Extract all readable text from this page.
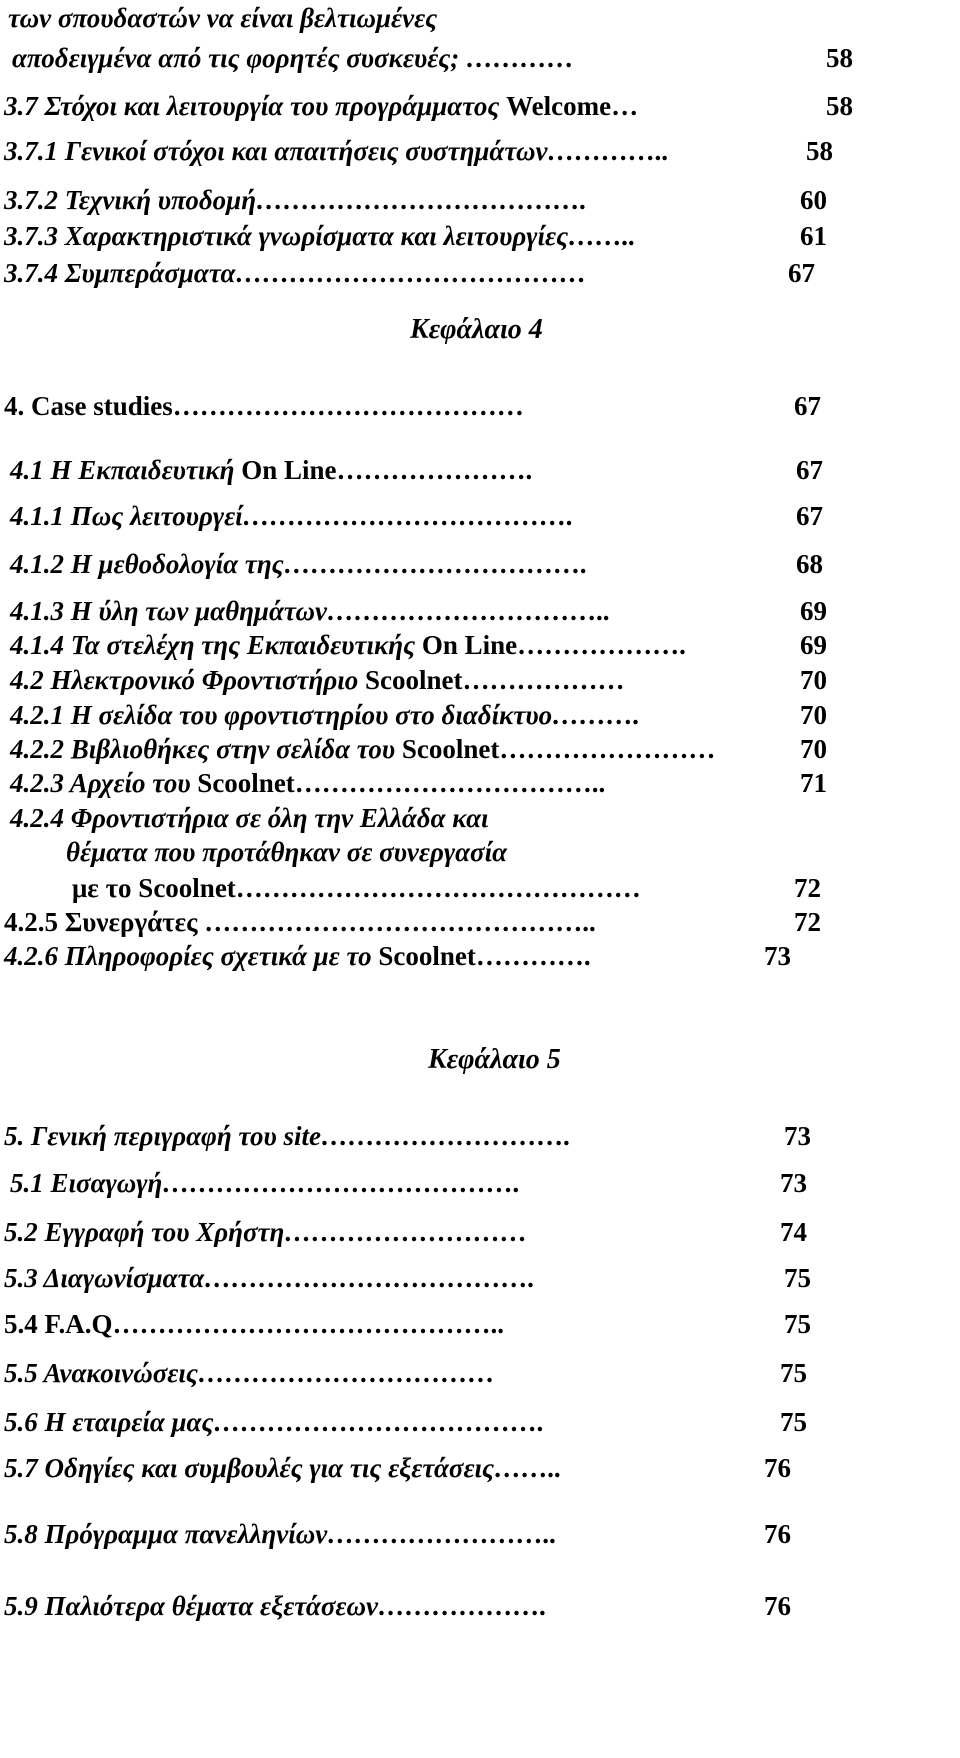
των σπουδαστών να είναι βελτιωμένες
αποδειγμένα από τις φορητές συσκευές; …………	58
3.7 Στόχοι και λειτουργία του προγράμματος Welcome…	58
3.7.1 Γενικοί στόχοι και απαιτήσεις συστημάτων…………..	58
3.7.2 Τεχνική υποδομή……………………………….	60
3.7.3 Χαρακτηριστικά γνωρίσματα και λειτουργίες……..	61
3.7.4 Συμπεράσματα…………………………………	67
Κεφάλαιο 4
4. Case studies…………………………………	67
4.1 Η Εκπαιδευτική On Line………………….	67
4.1.1 Πως λειτουργεί……………………………….	67
4.1.2 Η μεθοδολογία της…………………………….	68
4.1.3 Η ύλη των μαθημάτων…………………………..	69
4.1.4 Τα στελέχη της Εκπαιδευτικής On Line……………….	69
4.2 Ηλεκτρονικό Φροντιστήριο Scoolnet………………	70
4.2.1 Η σελίδα του φροντιστηρίου στο διαδίκτυο……….	70
4.2.2 Βιβλιοθήκες στην σελίδα του Scoolnet……………………	70
4.2.3 Αρχείο του Scoolnet……………………………..	71
4.2.4 Φροντιστήρια σε όλη την Ελλάδα και
θέματα που προτάθηκαν σε συνεργασία
με το Scoolnet………………………………………	72
4.2.5 Συνεργάτες ……………………………………..	72
4.2.6 Πληροφορίες σχετικά με το Scoolnet………….	73
Κεφάλαιο 5
5. Γενική περιγραφή του site……………………….	73
5.1 Εισαγωγή………………………………….	73
5.2 Εγγραφή του Χρήστη………………………	74
5.3 Διαγωνίσματα……………………………….	75
5.4 F.A.Q……………………………………..	75
5.5 Ανακοινώσεις……………………………	75
5.6 Η εταιρεία μας……………………………….	75
5.7 Οδηγίες και συμβουλές για τις εξετάσεις……..	76
5.8 Πρόγραμμα πανελληνίων……………………..	76
5.9 Παλιότερα θέματα εξετάσεων……………….	76
